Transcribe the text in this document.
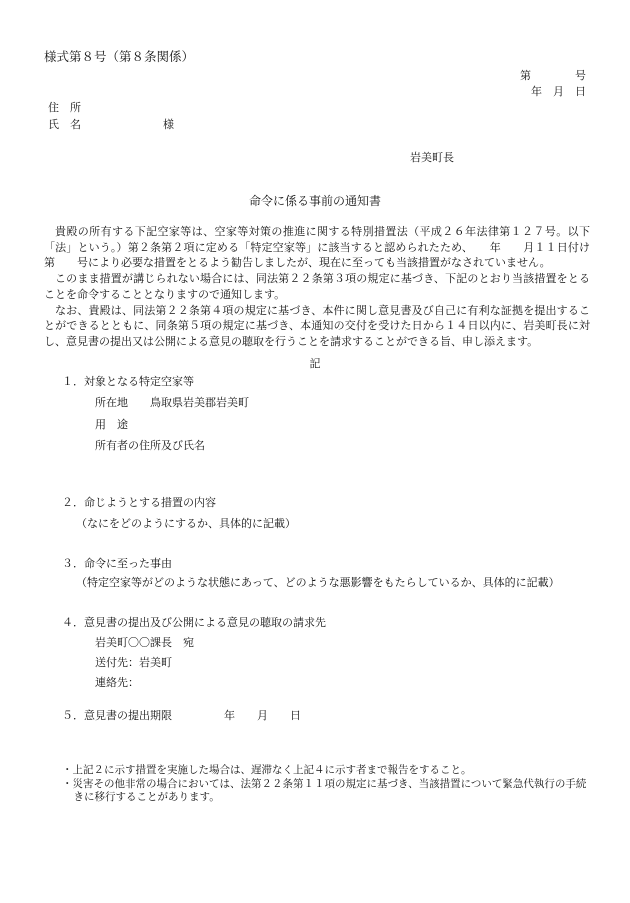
様式第８号（第８条関係）
第　　　　号
年　月　日
住　所
氏　名	様
岩美町長
命令に係る事前の通知書

貴殿の所有する下記空家等は、空家等対策の推進に関する特別措置法（平成２６年法律第１２７号。以下「法」という。）第２条第２項に定める「特定空家等」に該当すると認められたため、　　年　　月１１日付け　　第　　号により必要な措置をとるよう勧告しましたが、現在に至っても当該措置がなされていません。

このまま措置が講じられない場合には、同法第２２条第３項の規定に基づき、下記のとおり当該措置をとることを命令することとなりますので通知します。

なお、貴殿は、同法第２２条第４項の規定に基づき、本件に関し意見書及び自己に有利な証拠を提出することができるとともに、同条第５項の規定に基づき、本通知の交付を受けた日から１４日以内に、岩美町長に対し、意見書の提出又は公開による意見の聴取を行うことを請求することができる旨、申し添えます。

記
１．対象となる特定空家等
所在地　　鳥取県岩美郡岩美町
用　途
所有者の住所及び氏名
２．命じようとする措置の内容
（なにをどのようにするか、具体的に記載）
３．命令に至った事由
（特定空家等がどのような状態にあって、どのような悪影響をもたらしているか、具体的に記載）
４．意見書の提出及び公開による意見の聴取の請求先
岩美町〇〇課長　宛
送付先：岩美町
連絡先：
５．意見書の提出期限	年　　月　　日
・上記２に示す措置を実施した場合は、遅滞なく上記４に示す者まで報告をすること。
・災害その他非常の場合においては、法第２２条第１１項の規定に基づき、当該措置について緊急代執行の手続きに移行することがあります。
